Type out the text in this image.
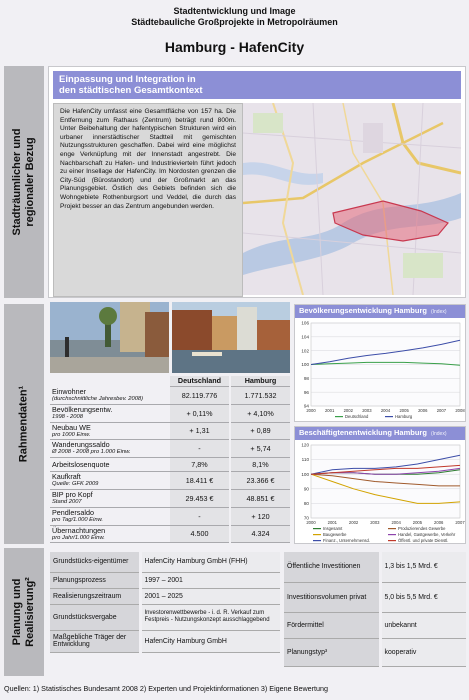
Stadtentwicklung und Image
Städtebauliche Großprojekte in Metropolräumen
Hamburg - HafenCity
Stadträumlicher und regionaler Bezug
Einpassung und Integration in
den städtischen Gesamtkontext
Die HafenCity umfasst eine Gesamtfläche von 157 ha. Die Entfernung zum Rathaus (Zentrum) beträgt rund 800m. Unter Beibehaltung der hafentypischen Strukturen wird ein urbaner innerstädtischer Stadtteil mit gemischten Nutzungsstrukturen geschaffen. Dabei wird eine möglichst enge Verknüpfung mit der Innenstadt angestrebt. Die Nachbarschaft zu Hafen- und Industrievierteln führt jedoch zu einer Insellage der HafenCity. Im Nordosten grenzen die City-Süd (Bürostandort) und der Großmarkt an das Planungsgebiet. Östlich des Gebiets befinden sich die Wohngebiete Rothenburgsort und Veddel, die durch das Projekt besser an das Zentrum angebunden werden.
Rahmendaten¹
	Deutschland	Hamburg
Einwohner
(durchschnittliche Jahresbev. 2008)	82.119.776	1.771.532
Bevölkerungsentw.
1998 - 2008	+ 0,11%	+ 4,10%
Neubau WE
pro 1000 Einw.	+ 1,31	+ 0,89
Wanderungssaldo
Ø 2008 - 2008 pro 1.000 Einw.	-	+ 5,74
Arbeitslosenquote	7,8%	8,1%
Kaufkraft
Quelle: GFK 2009	18.411 €	23.366 €
BIP pro Kopf
Stand 2007	29.453 €	48.851 €
Pendlersaldo
pro Tag/1.000 Einw.	-	+ 120
Übernachtungen
pro Jahr/1.000 Einw.	4.500	4.324
Bevölkerungsentwicklung Hamburg (Index)
94
96
98
100
102
104
106
2000 2001 2002 2003 2004 2005 2006 2007 2008
Deutschland	Hamburg
Beschäftigtenentwicklung Hamburg (Index)
70
80
90
100
110
120
2000	2001	2002	2003	2004	2005	2006	2007
Insgesamt	Produzierendes Gewerbe
Baugewerbe	Handel, Gastgewerbe, Verkehr
Finanz., Unternehmensd.	Öffentl. und private Dienstl.
Planung und Realisierung²
Grundstücks-eigentümer	HafenCity Hamburg GmbH (FHH)
Planungsprozess	1997 – 2001
Realisierungszeitraum	2001 – 2025
Grundstücksvergabe	Investorenwettbewerbe - i. d. R. Verkauf zum Festpreis - Nutzungskonzept ausschlaggebend
Maßgebliche Träger der Entwicklung	HafenCity Hamburg GmbH
Öffentliche Investitionen	1,3 bis 1,5 Mrd. €
Investitionsvolumen privat	5,0 bis 5,5 Mrd. €
Fördermittel	unbekannt
Planungstyp³	kooperativ
Quellen: 1) Statistisches Bundesamt 2008 2) Experten und Projektinformationen 3) Eigene Bewertung
